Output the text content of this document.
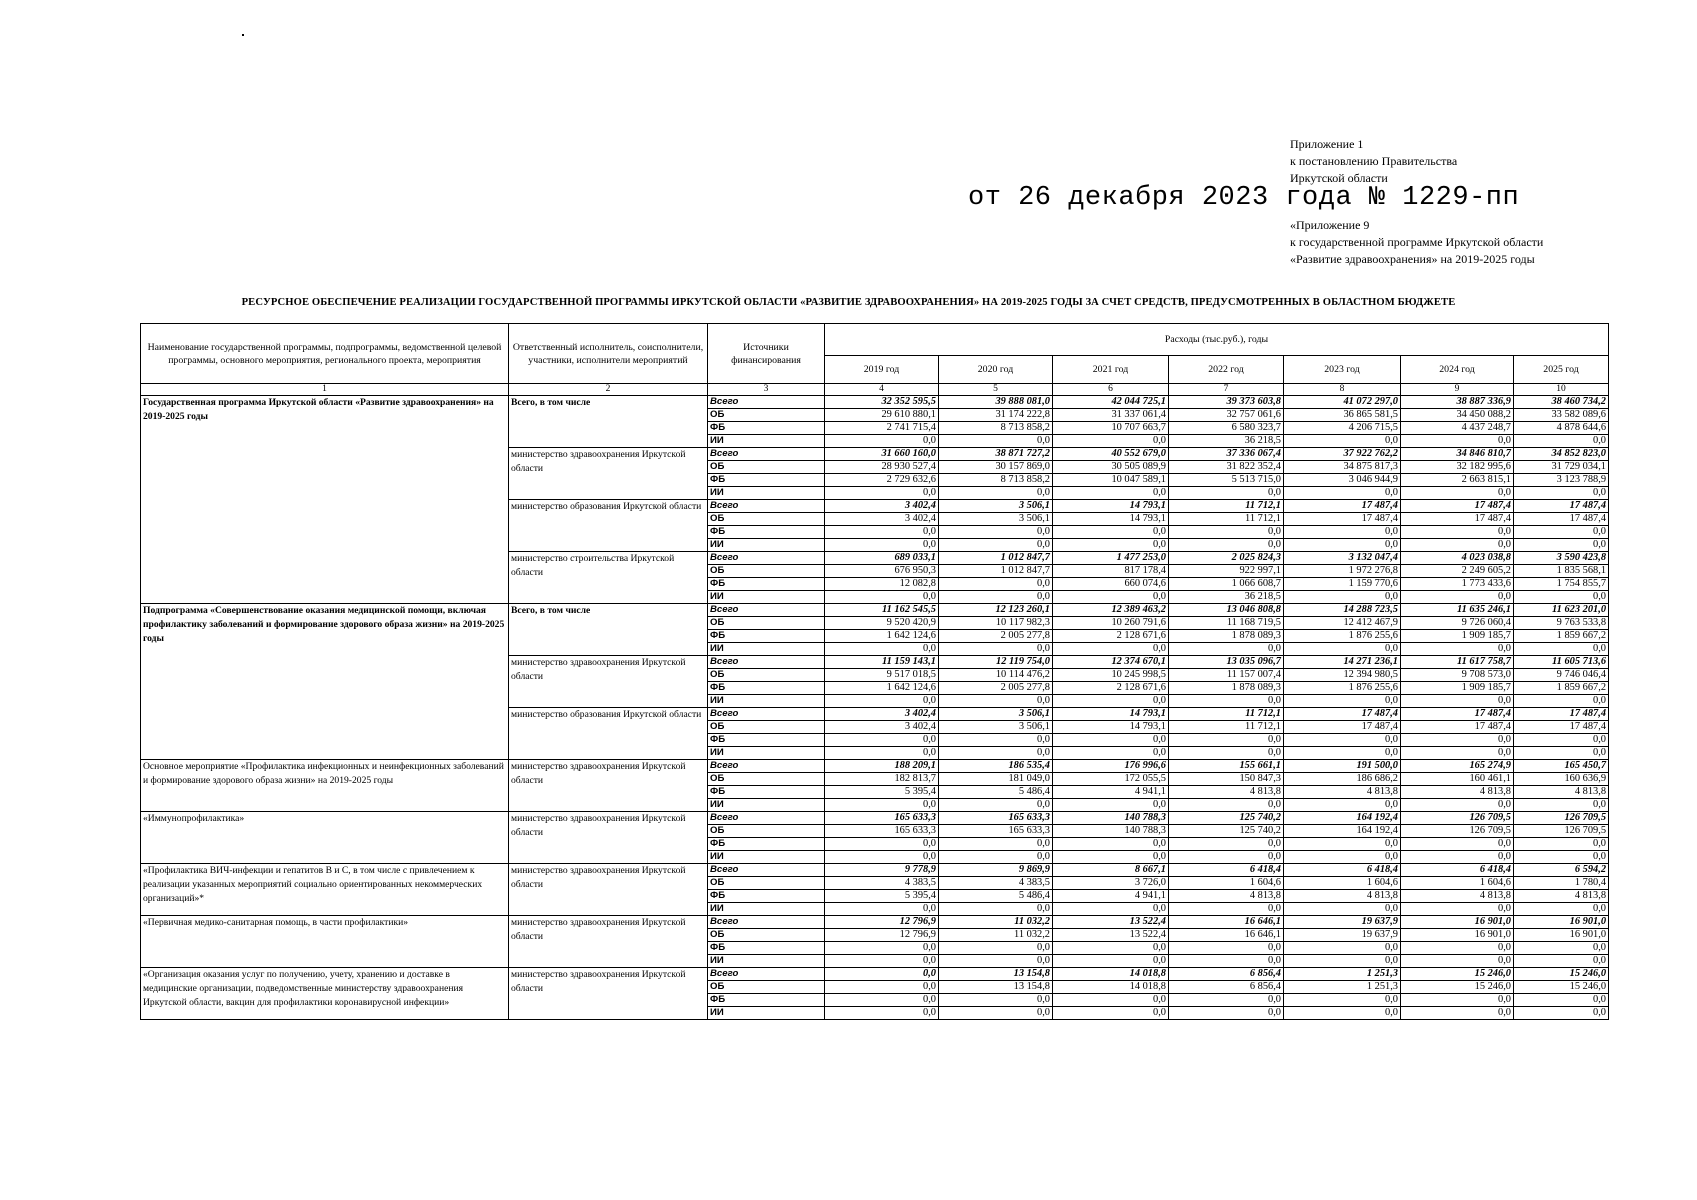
Приложение 1
к постановлению Правительства
Иркутской области
от 26 декабря 2023 года № 1229-пп
«Приложение 9
к государственной программе Иркутской области
«Развитие здравоохранения» на 2019-2025 годы
РЕСУРСНОЕ ОБЕСПЕЧЕНИЕ РЕАЛИЗАЦИИ ГОСУДАРСТВЕННОЙ ПРОГРАММЫ ИРКУТСКОЙ ОБЛАСТИ «РАЗВИТИЕ ЗДРАВООХРАНЕНИЯ» НА 2019-2025 ГОДЫ ЗА СЧЕТ СРЕДСТВ, ПРЕДУСМОТРЕННЫХ В ОБЛАСТНОМ БЮДЖЕТЕ
Наименование государственной программы, подпрограммы, ведомственной целевой программы, основного мероприятия, регионального проекта, мероприятия	Ответственный исполнитель, соисполнители, участники, исполнители мероприятий	Источники финансирования	Расходы (тыс.руб.), годы						
			2019 год	2020 год	2021 год	2022 год	2023 год	2024 год	2025 год
1	2	3	4	5	6	7	8	9	10
Государственная программа Иркутской области «Развитие здравоохранения» на 2019-2025 годы	Всего, в том числе	Всего	32 352 595,5	39 888 081,0	42 044 725,1	39 373 603,8	41 072 297,0	38 887 336,9	38 460 734,2
		ОБ	29 610 880,1	31 174 222,8	31 337 061,4	32 757 061,6	36 865 581,5	34 450 088,2	33 582 089,6
		ФБ	2 741 715,4	8 713 858,2	10 707 663,7	6 580 323,7	4 206 715,5	4 437 248,7	4 878 644,6
		ИИ	0,0	0,0	0,0	36 218,5	0,0	0,0	0,0
	министерство здравоохранения Иркутской области	Всего	31 660 160,0	38 871 727,2	40 552 679,0	37 336 067,4	37 922 762,2	34 846 810,7	34 852 823,0
		ОБ	28 930 527,4	30 157 869,0	30 505 089,9	31 822 352,4	34 875 817,3	32 182 995,6	31 729 034,1
		ФБ	2 729 632,6	8 713 858,2	10 047 589,1	5 513 715,0	3 046 944,9	2 663 815,1	3 123 788,9
		ИИ	0,0	0,0	0,0	0,0	0,0	0,0	0,0
	министерство образования Иркутской области	Всего	3 402,4	3 506,1	14 793,1	11 712,1	17 487,4	17 487,4	17 487,4
		ОБ	3 402,4	3 506,1	14 793,1	11 712,1	17 487,4	17 487,4	17 487,4
		ФБ	0,0	0,0	0,0	0,0	0,0	0,0	0,0
		ИИ	0,0	0,0	0,0	0,0	0,0	0,0	0,0
	министерство строительства Иркутской области	Всего	689 033,1	1 012 847,7	1 477 253,0	2 025 824,3	3 132 047,4	4 023 038,8	3 590 423,8
		ОБ	676 950,3	1 012 847,7	817 178,4	922 997,1	1 972 276,8	2 249 605,2	1 835 568,1
		ФБ	12 082,8	0,0	660 074,6	1 066 608,7	1 159 770,6	1 773 433,6	1 754 855,7
		ИИ	0,0	0,0	0,0	36 218,5	0,0	0,0	0,0
Подпрограмма «Совершенствование оказания медицинской помощи, включая профилактику заболеваний и формирование здорового образа жизни» на 2019-2025 годы	Всего, в том числе	Всего	11 162 545,5	12 123 260,1	12 389 463,2	13 046 808,8	14 288 723,5	11 635 246,1	11 623 201,0
		ОБ	9 520 420,9	10 117 982,3	10 260 791,6	11 168 719,5	12 412 467,9	9 726 060,4	9 763 533,8
		ФБ	1 642 124,6	2 005 277,8	2 128 671,6	1 878 089,3	1 876 255,6	1 909 185,7	1 859 667,2
		ИИ	0,0	0,0	0,0	0,0	0,0	0,0	0,0
	министерство здравоохранения Иркутской области	Всего	11 159 143,1	12 119 754,0	12 374 670,1	13 035 096,7	14 271 236,1	11 617 758,7	11 605 713,6
		ОБ	9 517 018,5	10 114 476,2	10 245 998,5	11 157 007,4	12 394 980,5	9 708 573,0	9 746 046,4
		ФБ	1 642 124,6	2 005 277,8	2 128 671,6	1 878 089,3	1 876 255,6	1 909 185,7	1 859 667,2
		ИИ	0,0	0,0	0,0	0,0	0,0	0,0	0,0
	министерство образования Иркутской области	Всего	3 402,4	3 506,1	14 793,1	11 712,1	17 487,4	17 487,4	17 487,4
		ОБ	3 402,4	3 506,1	14 793,1	11 712,1	17 487,4	17 487,4	17 487,4
		ФБ	0,0	0,0	0,0	0,0	0,0	0,0	0,0
		ИИ	0,0	0,0	0,0	0,0	0,0	0,0	0,0
Основное мероприятие «Профилактика инфекционных и неинфекционных заболеваний и формирование здорового образа жизни» на 2019-2025 годы	министерство здравоохранения Иркутской области	Всего	188 209,1	186 535,4	176 996,6	155 661,1	191 500,0	165 274,9	165 450,7
		ОБ	182 813,7	181 049,0	172 055,5	150 847,3	186 686,2	160 461,1	160 636,9
		ФБ	5 395,4	5 486,4	4 941,1	4 813,8	4 813,8	4 813,8	4 813,8
		ИИ	0,0	0,0	0,0	0,0	0,0	0,0	0,0
«Иммунопрофилактика»	министерство здравоохранения Иркутской области	Всего	165 633,3	165 633,3	140 788,3	125 740,2	164 192,4	126 709,5	126 709,5
		ОБ	165 633,3	165 633,3	140 788,3	125 740,2	164 192,4	126 709,5	126 709,5
		ФБ	0,0	0,0	0,0	0,0	0,0	0,0	0,0
		ИИ	0,0	0,0	0,0	0,0	0,0	0,0	0,0
«Профилактика ВИЧ-инфекции и гепатитов В и С, в том числе с привлечением к реализации указанных мероприятий социально ориентированных некоммерческих организаций»*	министерство здравоохранения Иркутской области	Всего	9 778,9	9 869,9	8 667,1	6 418,4	6 418,4	6 418,4	6 594,2
		ОБ	4 383,5	4 383,5	3 726,0	1 604,6	1 604,6	1 604,6	1 780,4
		ФБ	5 395,4	5 486,4	4 941,1	4 813,8	4 813,8	4 813,8	4 813,8
		ИИ	0,0	0,0	0,0	0,0	0,0	0,0	0,0
«Первичная медико-санитарная помощь, в части профилактики»	министерство здравоохранения Иркутской области	Всего	12 796,9	11 032,2	13 522,4	16 646,1	19 637,9	16 901,0	16 901,0
		ОБ	12 796,9	11 032,2	13 522,4	16 646,1	19 637,9	16 901,0	16 901,0
		ФБ	0,0	0,0	0,0	0,0	0,0	0,0	0,0
		ИИ	0,0	0,0	0,0	0,0	0,0	0,0	0,0
«Организация оказания услуг по получению, учету, хранению и доставке в медицинские организации, подведомственные министерству здравоохранения Иркутской области, вакцин для профилактики коронавирусной инфекции»	министерство здравоохранения Иркутской области	Всего	0,0	13 154,8	14 018,8	6 856,4	1 251,3	15 246,0	15 246,0
		ОБ	0,0	13 154,8	14 018,8	6 856,4	1 251,3	15 246,0	15 246,0
		ФБ	0,0	0,0	0,0	0,0	0,0	0,0	0,0
		ИИ	0,0	0,0	0,0	0,0	0,0	0,0	0,0
